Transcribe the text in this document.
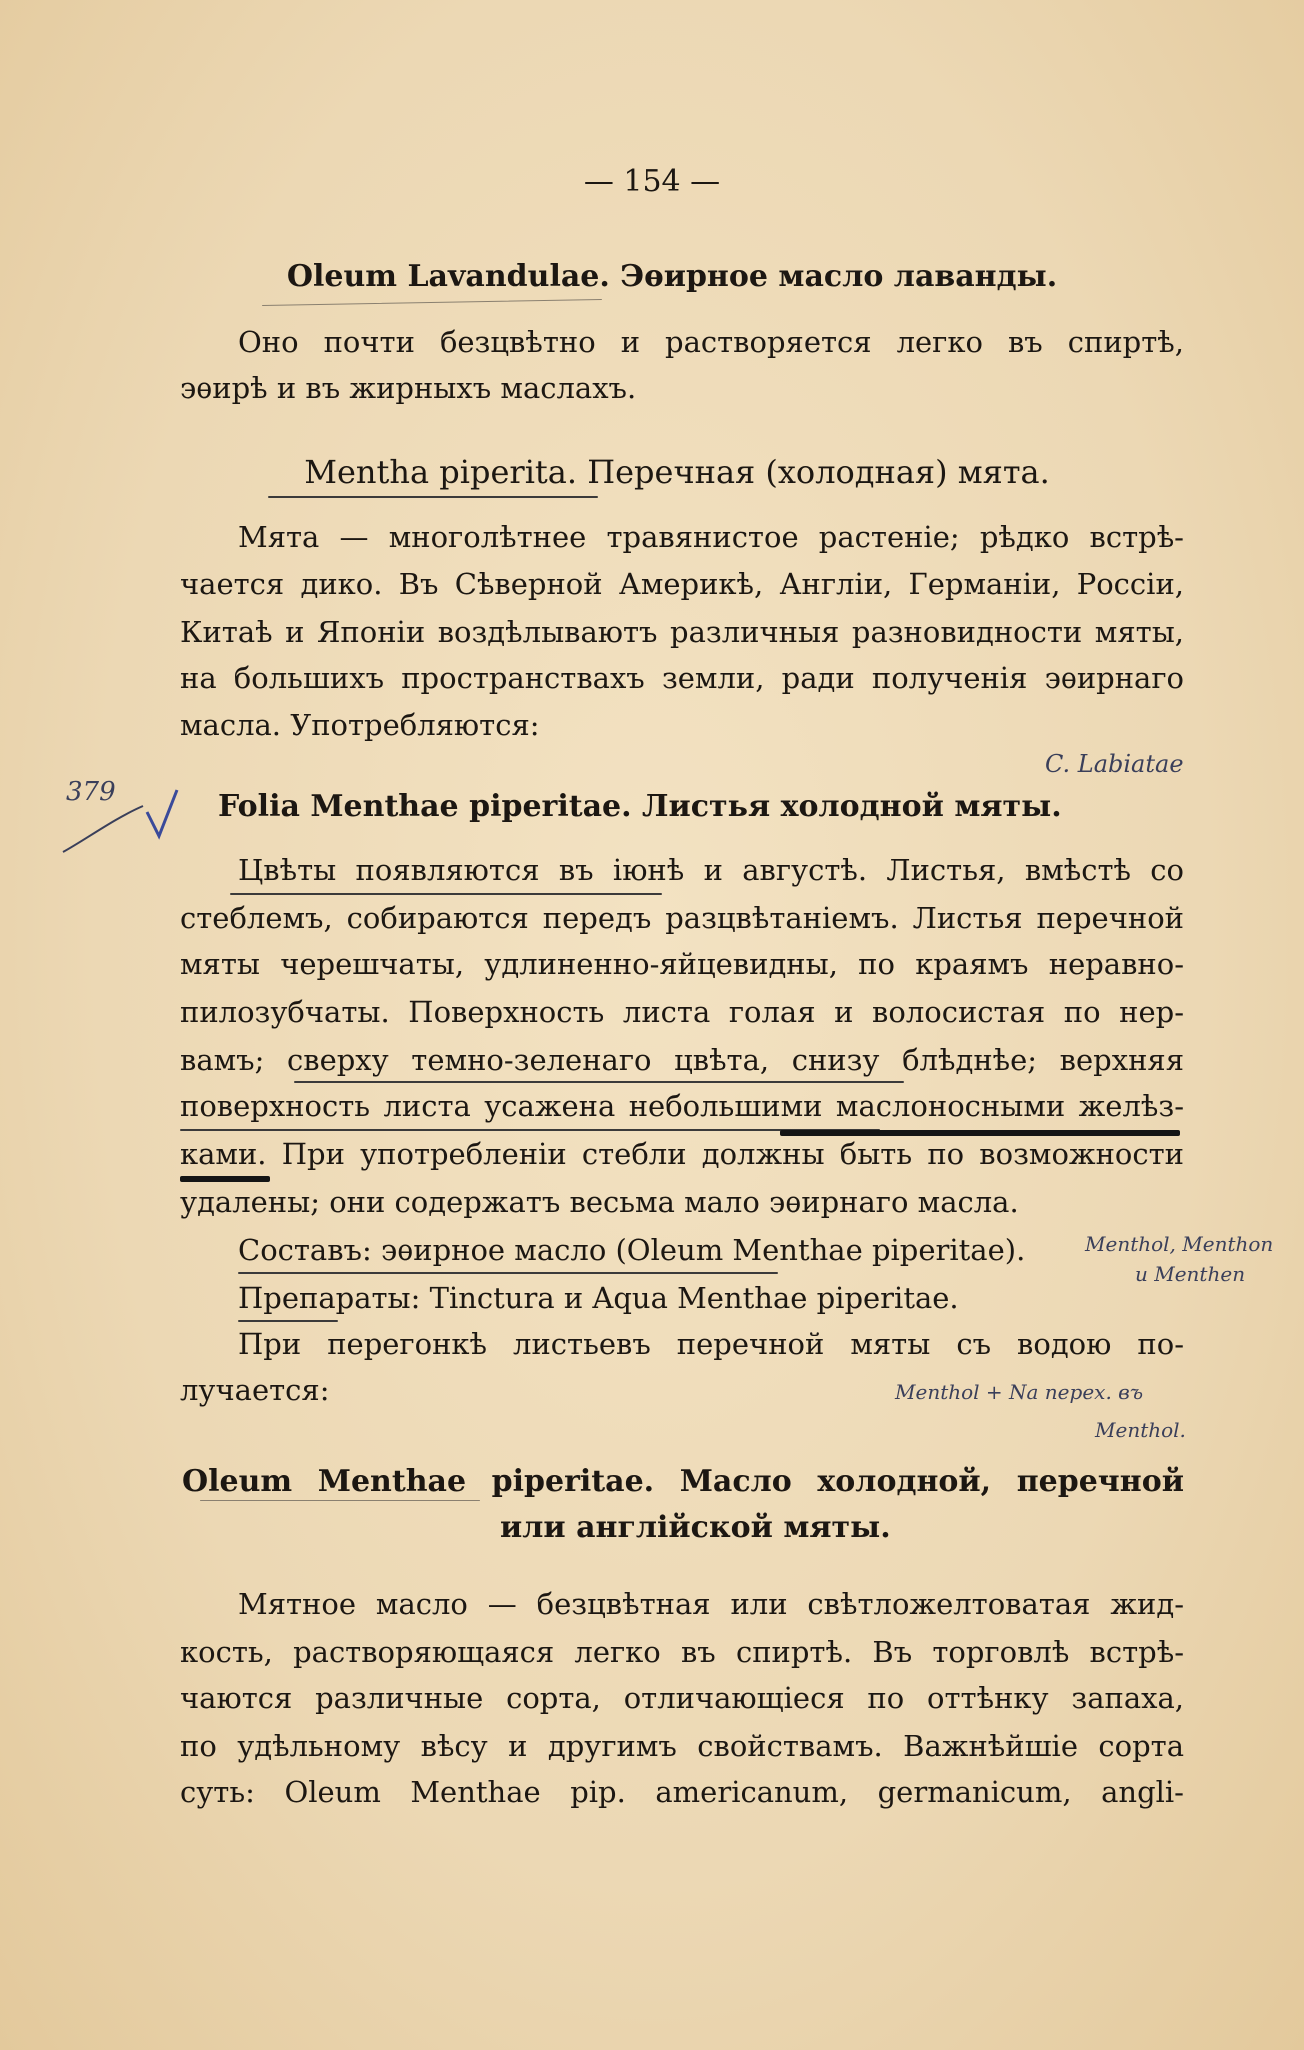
— 154 —
Oleum Lavandulae. Эѳирное масло лаванды.
Оно почти безцвѣтно и растворяется легко въ спиртѣ,
эѳирѣ и въ жирныхъ маслахъ.
Mentha piperita. Перечная (холодная) мята.
Мята — многолѣтнее травянистое растеніе; рѣдко встрѣ-
чается дико. Въ Сѣверной Америкѣ, Англіи, Германіи, Россіи,
Китаѣ и Японіи воздѣлываютъ различныя разновидности мяты,
на большихъ пространствахъ земли, ради полученія эѳирнаго
масла. Употребляются:
Folia Menthae piperitae. Листья холодной мяты.
Цвѣты появляются въ іюнѣ и августѣ. Листья, вмѣстѣ со
стеблемъ, собираются передъ разцвѣтаніемъ. Листья перечной
мяты черешчаты, удлиненно-яйцевидны, по краямъ неравно-
пилозубчаты. Поверхность листа голая и волосистая по нер-
вамъ; сверху темно-зеленаго цвѣта, снизу блѣднѣе; верхняя
поверхность листа усажена небольшими маслоносными желѣз-
ками. При употребленіи стебли должны быть по возможности
удалены; они содержатъ весьма мало эѳирнаго масла.
Составъ: эѳирное масло (Oleum Menthae piperitae).
Препараты: Tinctura и Aqua Menthae piperitae.
При перегонкѣ листьевъ перечной мяты съ водою по-
лучается:
Oleum Menthae piperitae. Масло холодной, перечной
или англійской мяты.
Мятное масло — безцвѣтная или свѣтложелтоватая жид-
кость, растворяющаяся легко въ спиртѣ. Въ торговлѣ встрѣ-
чаются различные сорта, отличающіеся по оттѣнку запаха,
по удѣльному вѣсу и другимъ свойствамъ. Важнѣйшіе сорта
суть: Oleum Menthae pip. americanum, germanicum, angli-
379
C. Labiatae
Menthol, Menthon
и Menthen
Menthol + Na перех. въ
Menthol.
